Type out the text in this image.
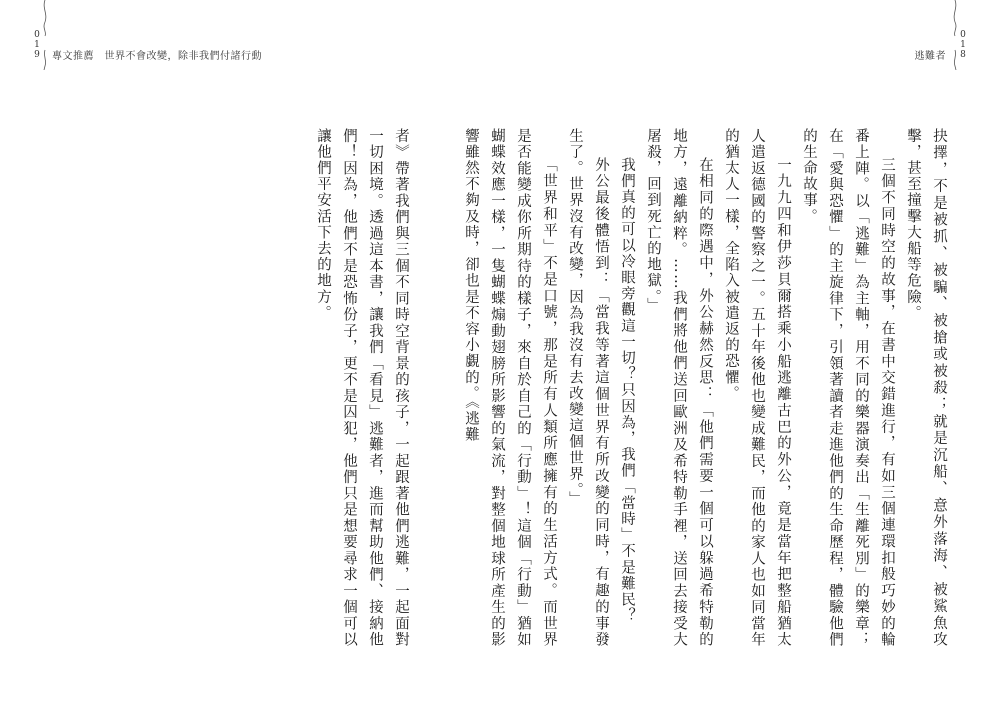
019 專文推薦　世界不會改變，除非我們付諸行動

者》帶著我們與三個不同時空背景的孩子，一起跟著他們逃難，一起面對一切困境。透過這本書，讓我們「看見」逃難者，進而幫助他們、接納他們！因為，他們不是恐怖份子，更不是囚犯，他們只是想要尋求一個可以讓他們平安活下去的地方。

018
逃難者

抉擇，不是被抓、被騙、被搶或被殺；就是沉船、意外落海、被鯊魚攻擊，甚至撞擊大船等危險。

三個不同時空的故事，在書中交錯進行，有如三個連環扣般巧妙的輪番上陣。以「逃難」為主軸，用不同的樂器演奏出「生離死別」的樂章；在「愛與恐懼」的主旋律下，引領著讀者走進他們的生命歷程，體驗他們的生命故事。

一九九四和伊莎貝爾搭乘小船逃離古巴的外公，竟是當年把整船猶太人遣返德國的警察之一。五十年後他也變成難民，而他的家人也如同當年的猶太人一樣，全陷入被遣返的恐懼。

在相同的際遇中，外公赫然反思：「他們需要一個可以躲過希特勒的地方，遠離納粹。……我們將他們送回歐洲及希特勒手裡，送回去接受大屠殺，回到死亡的地獄。」

我們真的可以冷眼旁觀這一切？只因為，我們「當時」不是難民？

外公最後體悟到：「當我等著這個世界有所改變的同時，有趣的事發生了。世界沒有改變，因為我沒有去改變這個世界。」

「世界和平」不是口號，那是所有人類所應擁有的生活方式。而世界是否能變成你所期待的樣子，來自於自己的「行動」！這個「行動」猶如蝴蝶效應一樣，一隻蝴蝶煽動翅膀所影響的氣流，對整個地球所產生的影響雖然不夠及時，卻也是不容小覷的。《逃難
